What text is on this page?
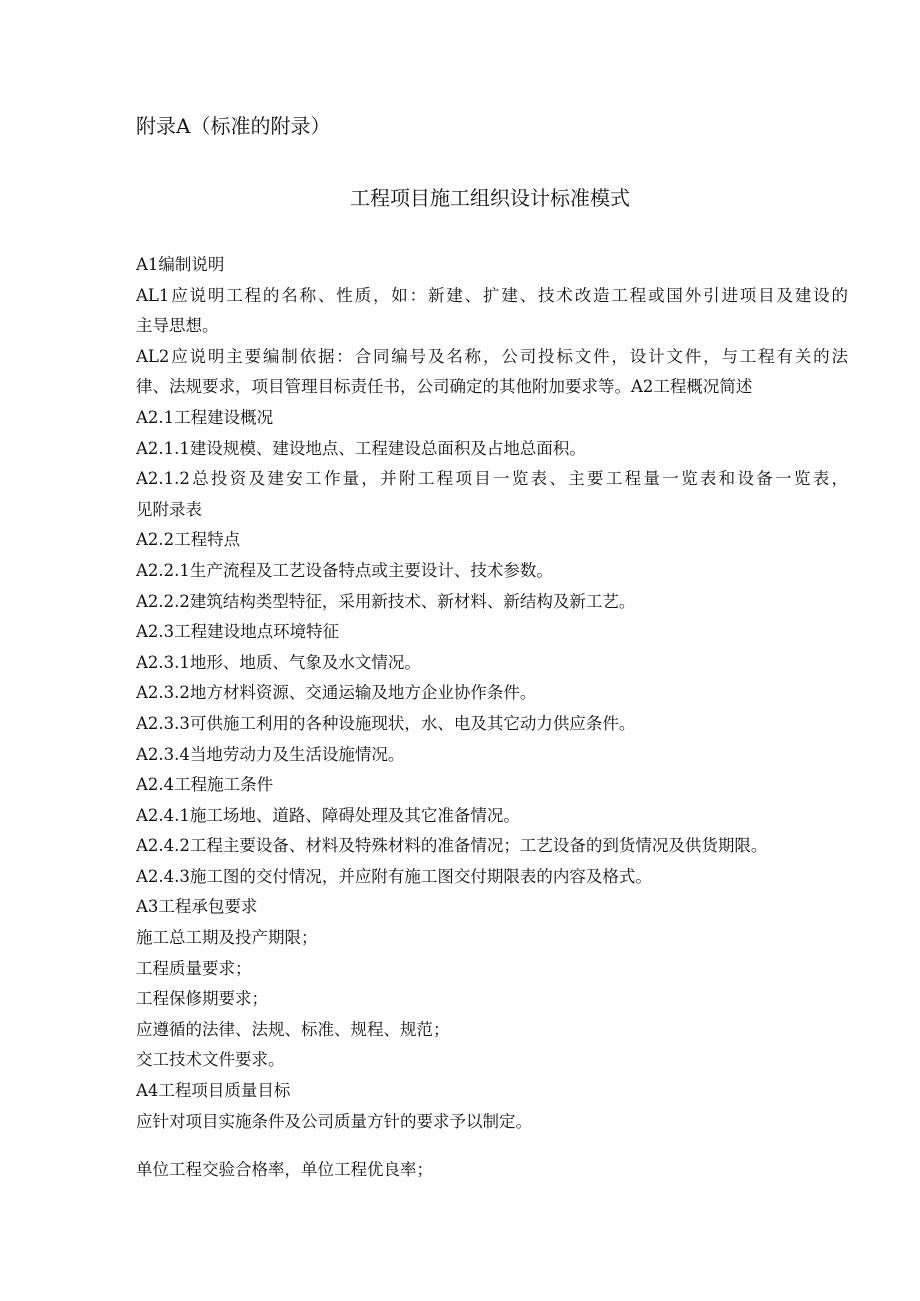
附录A（标准的附录）
工程项目施工组织设计标准模式
A1编制说明
AL1应说明工程的名称、性质，如：新建、扩建、技术改造工程或国外引进项目及建设的
主导思想。
AL2应说明主要编制依据：合同编号及名称，公司投标文件，设计文件，与工程有关的法
律、法规要求，项目管理目标责任书，公司确定的其他附加要求等。A2工程概况简述
A2.1工程建设概况
A2.1.1建设规模、建设地点、工程建设总面积及占地总面积。
A2.1.2总投资及建安工作量，并附工程项目一览表、主要工程量一览表和设备一览表，
见附录表
A2.2工程特点
A2.2.1生产流程及工艺设备特点或主要设计、技术参数。
A2.2.2建筑结构类型特征，采用新技术、新材料、新结构及新工艺。
A2.3工程建设地点环境特征
A2.3.1地形、地质、气象及水文情况。
A2.3.2地方材料资源、交通运输及地方企业协作条件。
A2.3.3可供施工利用的各种设施现状，水、电及其它动力供应条件。
A2.3.4当地劳动力及生活设施情况。
A2.4工程施工条件
A2.4.1施工场地、道路、障碍处理及其它准备情况。
A2.4.2工程主要设备、材料及特殊材料的准备情况；工艺设备的到货情况及供货期限。
A2.4.3施工图的交付情况，并应附有施工图交付期限表的内容及格式。
A3工程承包要求
施工总工期及投产期限；
工程质量要求；
工程保修期要求；
应遵循的法律、法规、标准、规程、规范；
交工技术文件要求。
A4工程项目质量目标
应针对项目实施条件及公司质量方针的要求予以制定。
单位工程交验合格率，单位工程优良率；
